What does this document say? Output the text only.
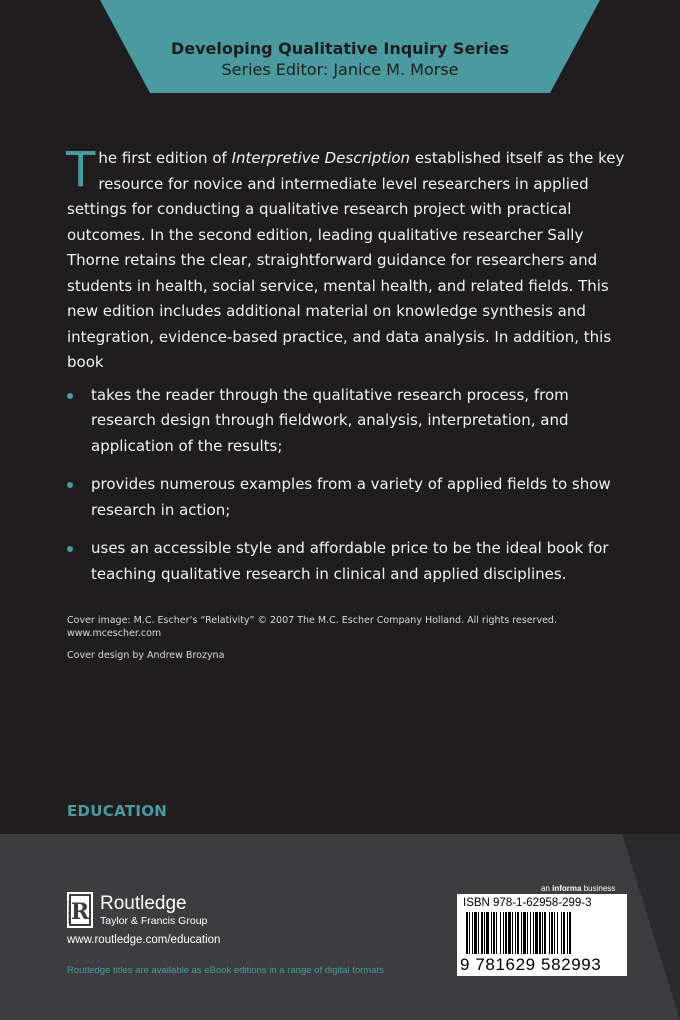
Developing Qualitative Inquiry Series
Series Editor: Janice M. Morse
T he first edition of Interpretive Description established itself as the key resource for novice and intermediate level researchers in applied settings for conducting a qualitative research project with practical outcomes. In the second edition, leading qualitative researcher Sally Thorne retains the clear, straightforward guidance for researchers and students in health, social service, mental health, and related fields. This new edition includes additional material on knowledge synthesis and integration, evidence-based practice, and data analysis. In addition, this book

takes the reader through the qualitative research process, from research design through fieldwork, analysis, interpretation, and application of the results;
provides numerous examples from a variety of applied fields to show research in action;
uses an accessible style and affordable price to be the ideal book for teaching qualitative research in clinical and applied disciplines.
Cover image: M.C. Escher’s “Relativity” © 2007 The M.C. Escher Company Holland. All rights reserved. www.mcescher.com
Cover design by Andrew Brozyna
EDUCATION
R
ROUTLEDGE Routledge
Taylor & Francis Group
www.routledge.com/education
Routledge titles are available as eBook editions in a range of digital formats
an informa business
ISBN 978-1-62958-299-3
9 781629 582993
